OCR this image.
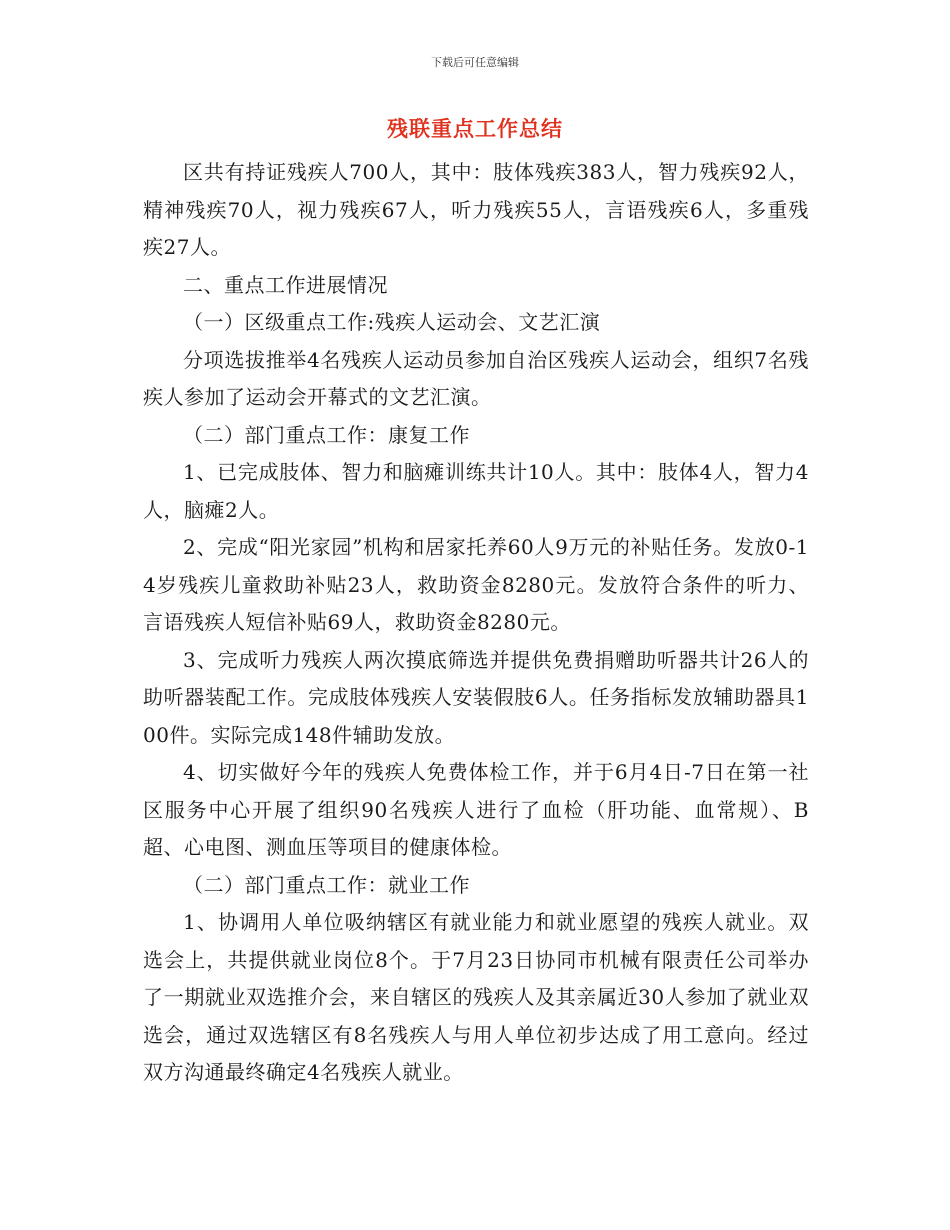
下载后可任意编辑
残联重点工作总结

区共有持证残疾人700人，其中：肢体残疾383人，智力残疾92人，精神残疾70人，视力残疾67人，听力残疾55人，言语残疾6人，多重残疾27人。

二、重点工作进展情况

（一）区级重点工作:残疾人运动会、文艺汇演

分项选拔推举4名残疾人运动员参加自治区残疾人运动会，组织7名残疾人参加了运动会开幕式的文艺汇演。

（二）部门重点工作：康复工作

1、已完成肢体、智力和脑瘫训练共计10人。其中：肢体4人，智力4人，脑瘫2人。

2、完成“阳光家园”机构和居家托养60人9万元的补贴任务。发放0-14岁残疾儿童救助补贴23人，救助资金8280元。发放符合条件的听力、言语残疾人短信补贴69人，救助资金8280元。

3、完成听力残疾人两次摸底筛选并提供免费捐赠助听器共计26人的助听器装配工作。完成肢体残疾人安装假肢6人。任务指标发放辅助器具100件。实际完成148件辅助发放。

4、切实做好今年的残疾人免费体检工作，并于6月4日-7日在第一社区服务中心开展了组织90名残疾人进行了血检（肝功能、血常规）、B超、心电图、测血压等项目的健康体检。

（二）部门重点工作：就业工作

1、协调用人单位吸纳辖区有就业能力和就业愿望的残疾人就业。双选会上，共提供就业岗位8个。于7月23日协同市机械有限责任公司举办了一期就业双选推介会，来自辖区的残疾人及其亲属近30人参加了就业双选会，通过双选辖区有8名残疾人与用人单位初步达成了用工意向。经过双方沟通最终确定4名残疾人就业。
